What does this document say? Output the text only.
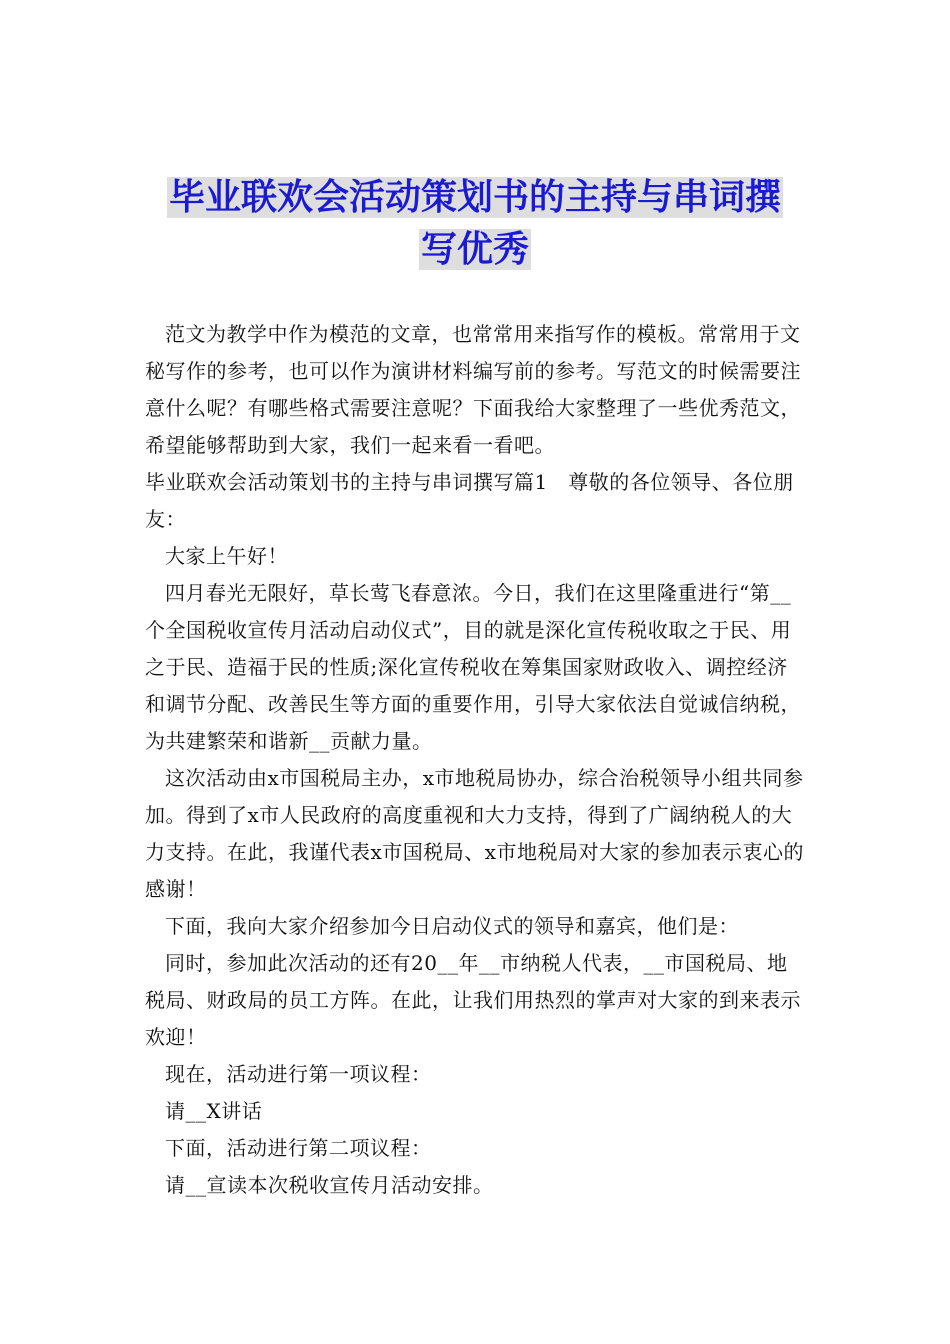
毕业联欢会活动策划书的主持与串词撰
写优秀

范文为教学中作为模范的文章，也常常用来指写作的模板。常常用于文秘写作的参考，也可以作为演讲材料编写前的参考。写范文的时候需要注意什么呢？有哪些格式需要注意呢？下面我给大家整理了一些优秀范文，希望能够帮助到大家，我们一起来看一看吧。

毕业联欢会活动策划书的主持与串词撰写篇1　尊敬的各位领导、各位朋友：

大家上午好！

四月春光无限好，草长莺飞春意浓。今日，我们在这里隆重进行“第__个全国税收宣传月活动启动仪式”，目的就是深化宣传税收取之于民、用之于民、造福于民的性质;深化宣传税收在筹集国家财政收入、调控经济和调节分配、改善民生等方面的重要作用，引导大家依法自觉诚信纳税，为共建繁荣和谐新__贡献力量。

这次活动由x市国税局主办，x市地税局协办，综合治税领导小组共同参加。得到了x市人民政府的高度重视和大力支持，得到了广阔纳税人的大力支持。在此，我谨代表x市国税局、x市地税局对大家的参加表示衷心的感谢！

下面，我向大家介绍参加今日启动仪式的领导和嘉宾，他们是：

同时，参加此次活动的还有20__年__市纳税人代表，__市国税局、地税局、财政局的员工方阵。在此，让我们用热烈的掌声对大家的到来表示欢迎！

现在，活动进行第一项议程：

请__X讲话

下面，活动进行第二项议程：

请__宣读本次税收宣传月活动安排。
